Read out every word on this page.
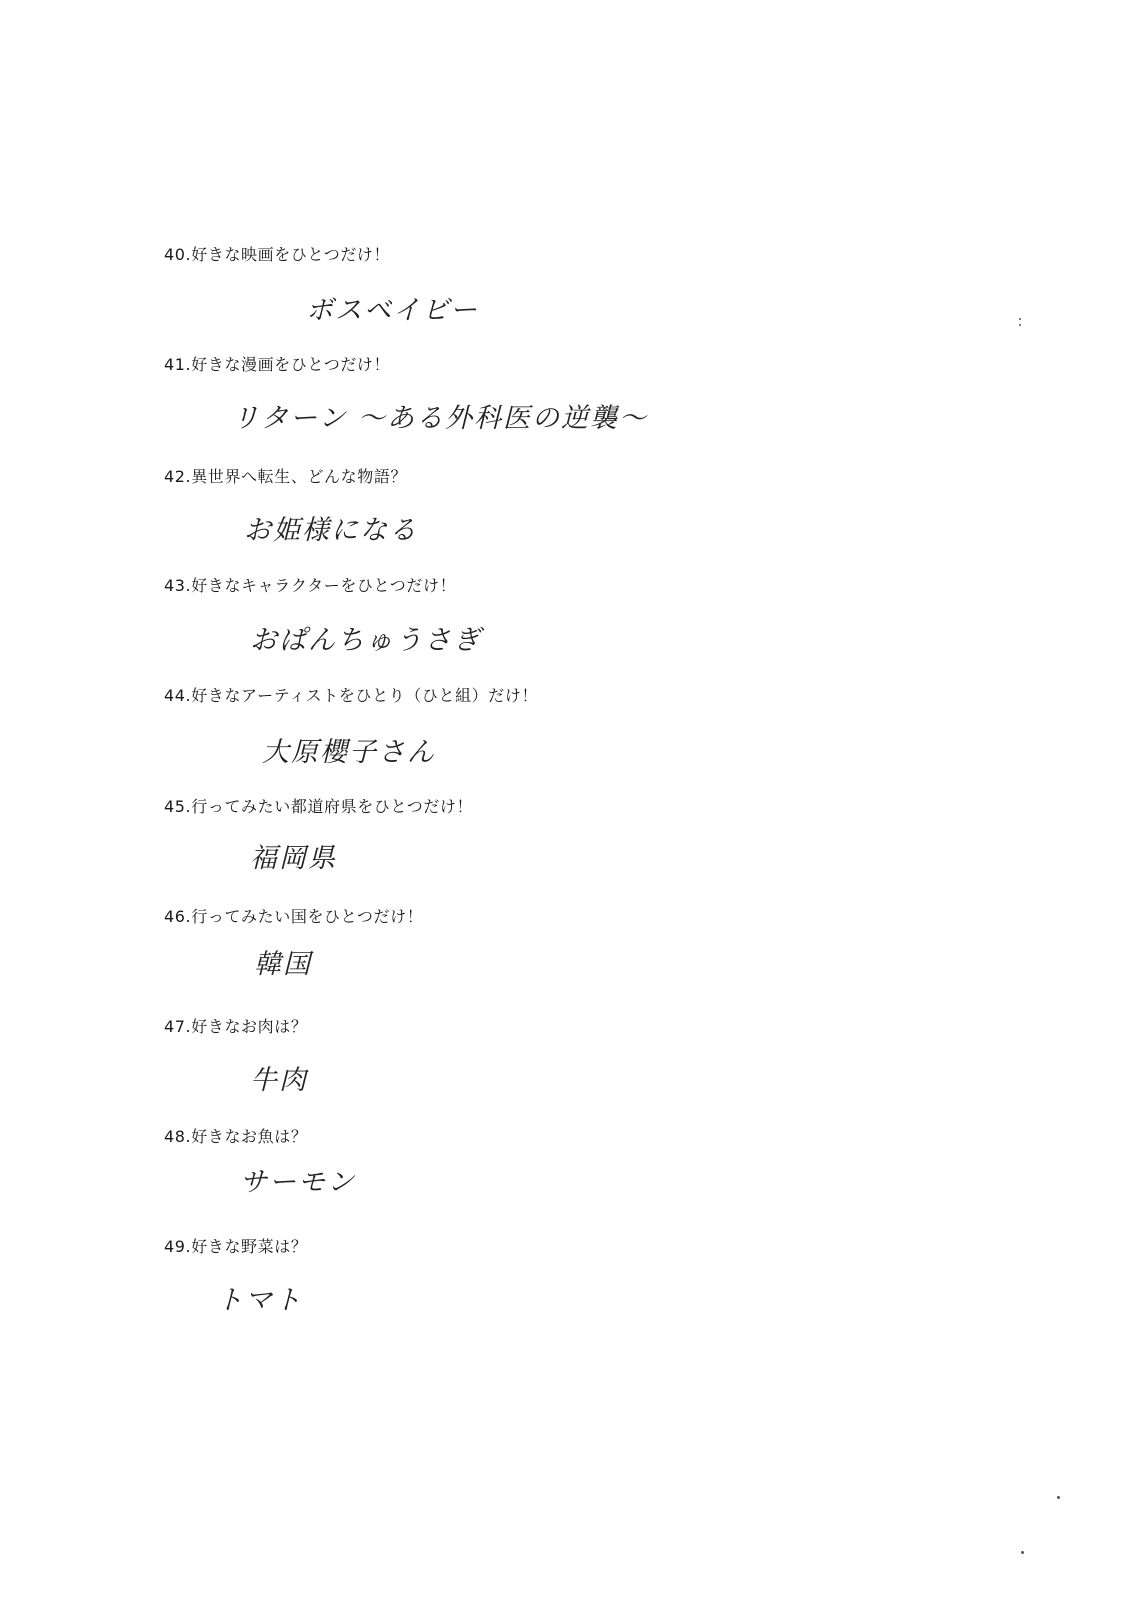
40.好きな映画をひとつだけ！
ボスベイビー
41.好きな漫画をひとつだけ！
リターン ～ある外科医の逆襲～
42.異世界へ転生、どんな物語？
お姫様になる
43.好きなキャラクターをひとつだけ！
おぱんちゅうさぎ
44.好きなアーティストをひとり（ひと組）だけ！
大原櫻子さん
45.行ってみたい都道府県をひとつだけ！
福岡県
46.行ってみたい国をひとつだけ！
韓国
47.好きなお肉は？
牛肉
48.好きなお魚は？
サーモン
49.好きな野菜は？
トマト
